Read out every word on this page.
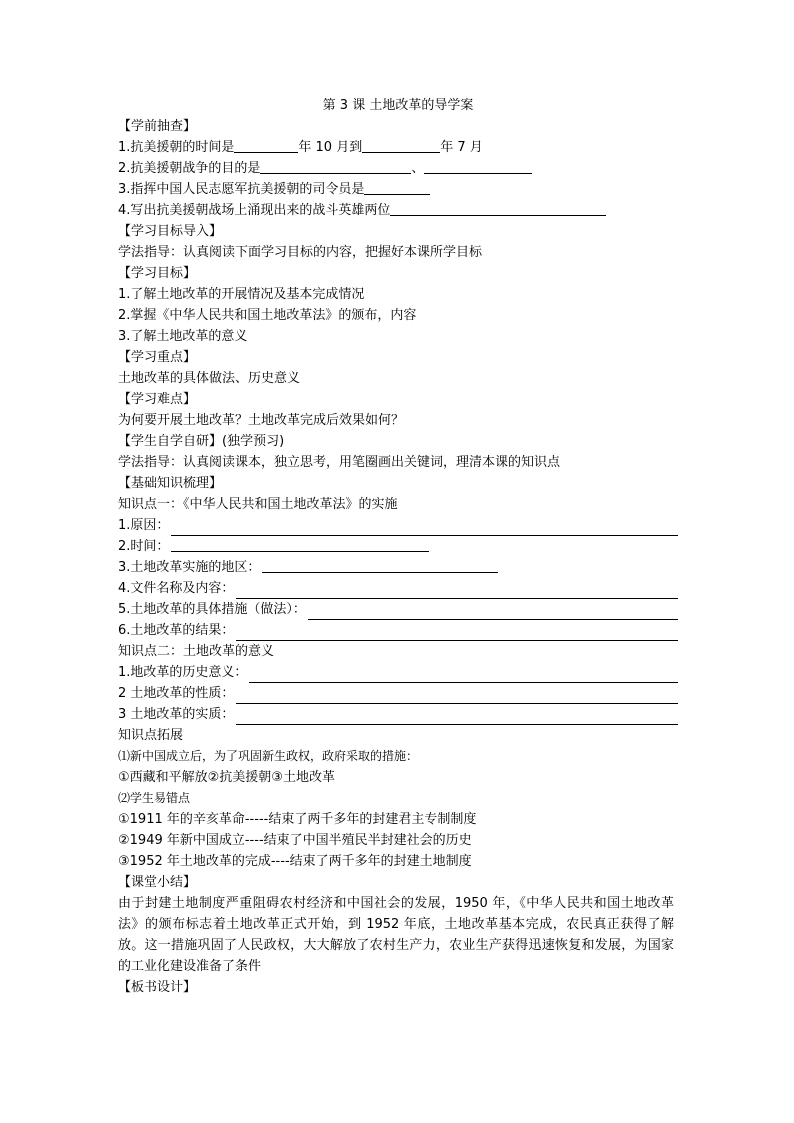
第 3 课 土地改革的导学案
【学前抽查】
1.抗美援朝的时间是	年 10 月到	年 7 月
2.抗美援朝战争的目的是	、
3.指挥中国人民志愿军抗美援朝的司令员是
4.写出抗美援朝战场上涌现出来的战斗英雄两位
【学习目标导入】
学法指导：认真阅读下面学习目标的内容，把握好本课所学目标
【学习目标】
1.了解土地改革的开展情况及基本完成情况
2.掌握《中华人民共和国土地改革法》的颁布，内容
3.了解土地改革的意义
【学习重点】
土地改革的具体做法、历史意义
【学习难点】
为何要开展土地改革？土地改革完成后效果如何？
【学生自学自研】(独学预习)
学法指导：认真阅读课本，独立思考，用笔圈画出关键词，理清本课的知识点
【基础知识梳理】
知识点一：《中华人民共和国土地改革法》的实施
1.原因：
2.时间：
3.土地改革实施的地区：
4.文件名称及内容：
5.土地改革的具体措施（做法）：
6.土地改革的结果：
知识点二：土地改革的意义
1.地改革的历史意义：
2 土地改革的性质：
3 土地改革的实质：
知识点拓展
⑴新中国成立后，为了巩固新生政权，政府采取的措施：
①西藏和平解放②抗美援朝③土地改革
⑵学生易错点
①1911 年的辛亥革命-----结束了两千多年的封建君主专制制度
②1949 年新中国成立----结束了中国半殖民半封建社会的历史
③1952 年土地改革的完成----结束了两千多年的封建土地制度
【课堂小结】
由于封建土地制度严重阻碍农村经济和中国社会的发展，1950 年，《中华人民共和国土地改革法》的颁布标志着土地改革正式开始，到 1952 年底，土地改革基本完成，农民真正获得了解放。这一措施巩固了人民政权，大大解放了农村生产力，农业生产获得迅速恢复和发展，为国家的工业化建设准备了条件
【板书设计】
